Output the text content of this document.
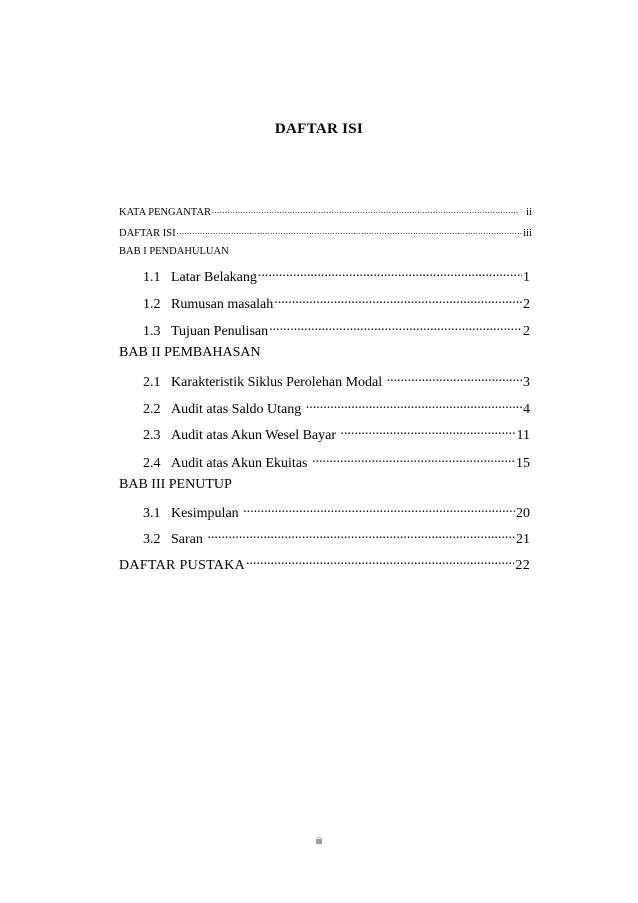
DAFTAR ISI
KATA PENGANTAR .....	ii
DAFTAR ISI .....	iii
BAB I PENDAHULUAN
1.1 Latar Belakang .....	1
1.2 Rumusan masalah .....	2
1.3 Tujuan Penulisan .....	2
BAB II PEMBAHASAN
2.1 Karakteristik Siklus Perolehan Modal .....	3
2.2 Audit atas Saldo Utang .....	4
2.3 Audit atas Akun Wesel Bayar .....	11
2.4 Audit atas Akun Ekuitas .....	15
BAB III PENUTUP
3.1 Kesimpulan .....	20
3.2 Saran .....	21
DAFTAR PUSTAKA .....	22
iii
